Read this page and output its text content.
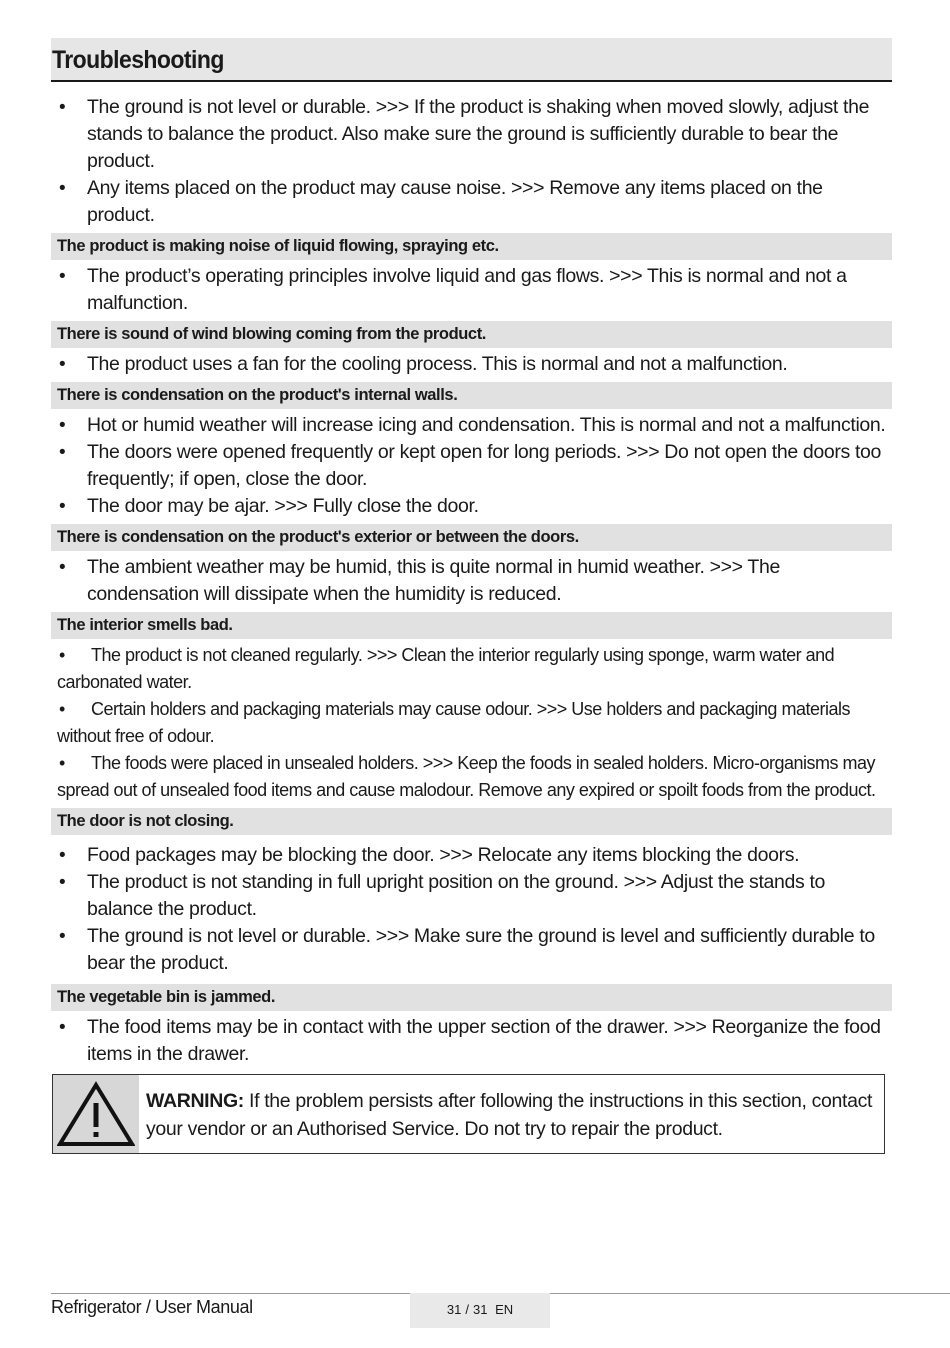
Troubleshooting
• The ground is not level or durable. >>> If the product is shaking when moved slowly, adjust the stands to balance the product. Also make sure the ground is sufficiently durable to bear the product.
• Any items placed on the product may cause noise. >>> Remove any items placed on the product.
The product is making noise of liquid flowing, spraying etc.
• The product’s operating principles involve liquid and gas flows. >>> This is normal and not a malfunction.
There is sound of wind blowing coming from the product.
• The product uses a fan for the cooling process. This is normal and not a malfunction.
There is condensation on the product's internal walls.
• Hot or humid weather will increase icing and condensation. This is normal and not a malfunction.
• The doors were opened frequently or kept open for long periods. >>> Do not open the doors too frequently; if open, close the door.
• The door may be ajar. >>> Fully close the door.
There is condensation on the product's exterior or between the doors.
• The ambient weather may be humid, this is quite normal in humid weather. >>> The condensation will dissipate when the humidity is reduced.
The interior smells bad.
• The product is not cleaned regularly. >>> Clean the interior regularly using sponge, warm water and carbonated water.
• Certain holders and packaging materials may cause odour. >>> Use holders and packaging materials without free of odour.
• The foods were placed in unsealed holders. >>> Keep the foods in sealed holders. Micro-organisms may spread out of unsealed food items and cause malodour. Remove any expired or spoilt foods from the product.
The door is not closing.
• Food packages may be blocking the door. >>> Relocate any items blocking the doors.
• The product is not standing in full upright position on the ground. >>> Adjust the stands to balance the product.
• The ground is not level or durable. >>> Make sure the ground is level and sufficiently durable to bear the product.
The vegetable bin is jammed.
• The food items may be in contact with the upper section of the drawer. >>> Reorganize the food items in the drawer.
WARNING: If the problem persists after following the instructions in this section, contact your vendor or an Authorised Service. Do not try to repair the product.
Refrigerator / User Manual	31 / 31 EN
